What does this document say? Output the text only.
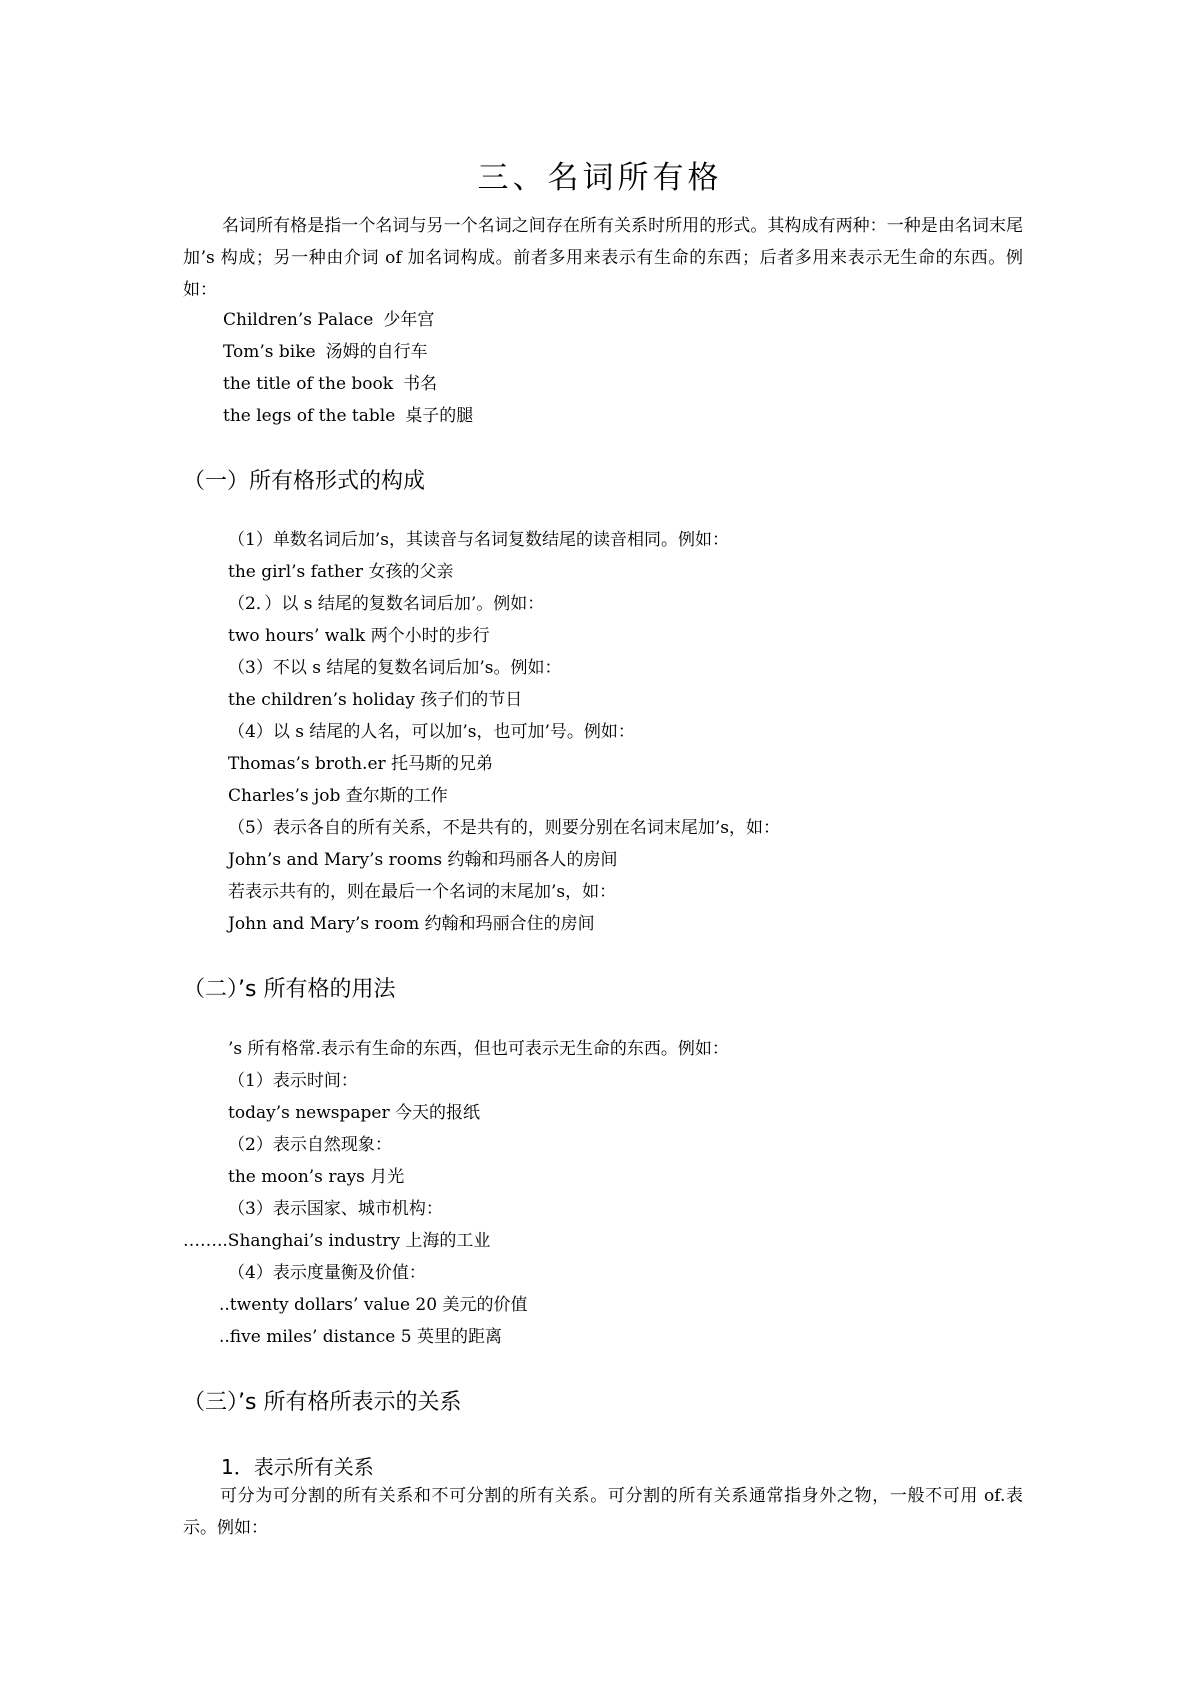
三、名词所有格
名词所有格是指一个名词与另一个名词之间存在所有关系时所用的形式。其构成有两种：一种是由名词末尾加’s 构成；另一种由介词 of 加名词构成。前者多用来表示有生命的东西；后者多用来表示无生命的东西。例如：
Children’s Palace 少年宫
Tom’s bike 汤姆的自行车
the title of the book 书名
the legs of the table 桌子的腿
（一）所有格形式的构成
（1）单数名词后加’s，其读音与名词复数结尾的读音相同。例如：
the girl’s father 女孩的父亲
（2．）以 s 结尾的复数名词后加’。例如：
two hours’ walk 两个小时的步行
（3）不以 s 结尾的复数名词后加’s。例如：
the children’s holiday 孩子们的节日
（4）以 s 结尾的人名，可以加’s，也可加’号。例如：
Thomas’s broth.er 托马斯的兄弟
Charles’s job 查尔斯的工作
（5）表示各自的所有关系，不是共有的，则要分别在名词末尾加’s，如：
John’s and Mary’s rooms 约翰和玛丽各人的房间
若表示共有的，则在最后一个名词的末尾加’s，如：
John and Mary’s room 约翰和玛丽合住的房间
（二）’s 所有格的用法
’s 所有格常.表示有生命的东西，但也可表示无生命的东西。例如：
（1）表示时间：
today’s newspaper 今天的报纸
（2）表示自然现象：
the moon’s rays 月光
（3）表示国家、城市机构：
……..Shanghai’s industry 上海的工业
（4）表示度量衡及价值：
..twenty dollars’ value 20 美元的价值
..five miles’ distance 5 英里的距离
（三）’s 所有格所表示的关系
1．表示所有关系
可分为可分割的所有关系和不可分割的所有关系。可分割的所有关系通常指身外之物，一般不可用 of.表示。例如：
